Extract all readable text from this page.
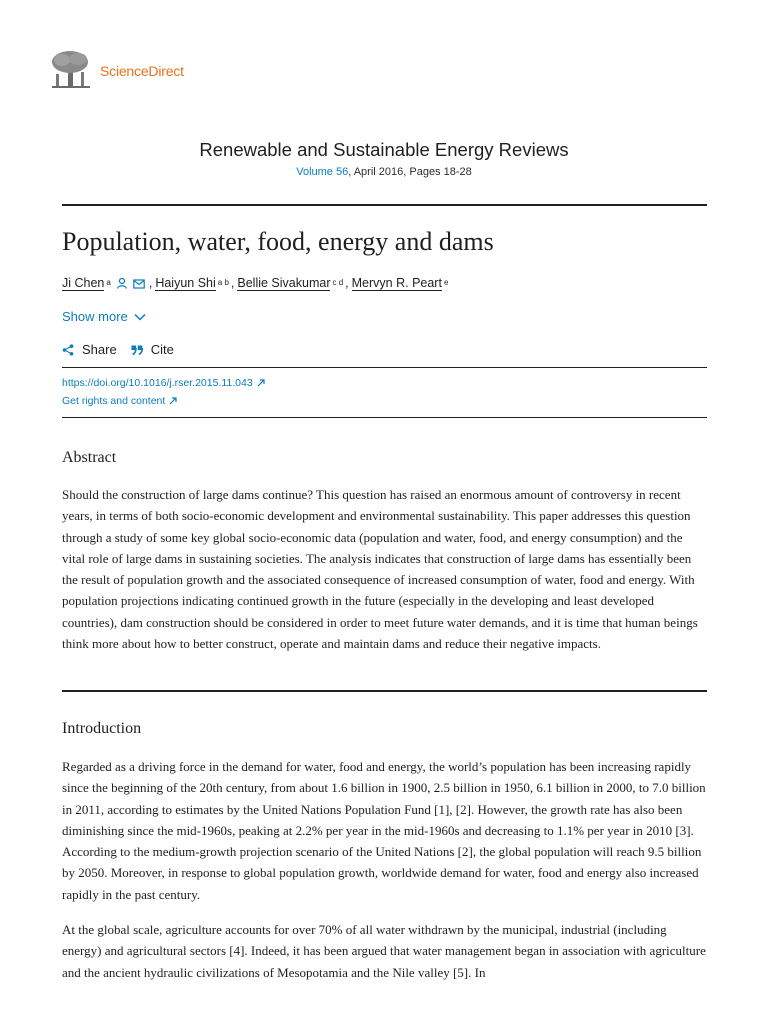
ScienceDirect
Renewable and Sustainable Energy Reviews
Volume 56, April 2016, Pages 18-28
Population, water, food, energy and dams
Ji Chen $^a$	, Haiyun Shi $^{a b}$ , Bellie Sivakumar $^{c d}$ , Mervyn R. Peart $^e$
Show more
Share	Cite
https://doi.org/10.1016/j.rser.2015.11.043
Get rights and content
Abstract

Should the construction of large dams continue? This question has raised an enormous amount of controversy in recent years, in terms of both socio-economic development and environmental sustainability. This paper addresses this question through a study of some key global socio-economic data (population and water, food, and energy consumption) and the vital role of large dams in sustaining societies. The analysis indicates that construction of large dams has essentially been the result of population growth and the associated consequence of increased consumption of water, food and energy. With population projections indicating continued growth in the future (especially in the developing and least developed countries), dam construction should be considered in order to meet future water demands, and it is time that human beings think more about how to better construct, operate and maintain dams and reduce their negative impacts.

Introduction

Regarded as a driving force in the demand for water, food and energy, the world’s population has been increasing rapidly since the beginning of the 20th century, from about 1.6 billion in 1900, 2.5 billion in 1950, 6.1 billion in 2000, to 7.0 billion in 2011, according to estimates by the United Nations Population Fund [1], [2]. However, the growth rate has also been diminishing since the mid-1960s, peaking at 2.2% per year in the mid-1960s and decreasing to 1.1% per year in 2010 [3]. According to the medium-growth projection scenario of the United Nations [2], the global population will reach 9.5 billion by 2050. Moreover, in response to global population growth, worldwide demand for water, food and energy also increased rapidly in the past century.

At the global scale, agriculture accounts for over 70% of all water withdrawn by the municipal, industrial (including energy) and agricultural sectors [4]. Indeed, it has been argued that water management began in association with agriculture and the ancient hydraulic civilizations of Mesopotamia and the Nile valley [5]. In
